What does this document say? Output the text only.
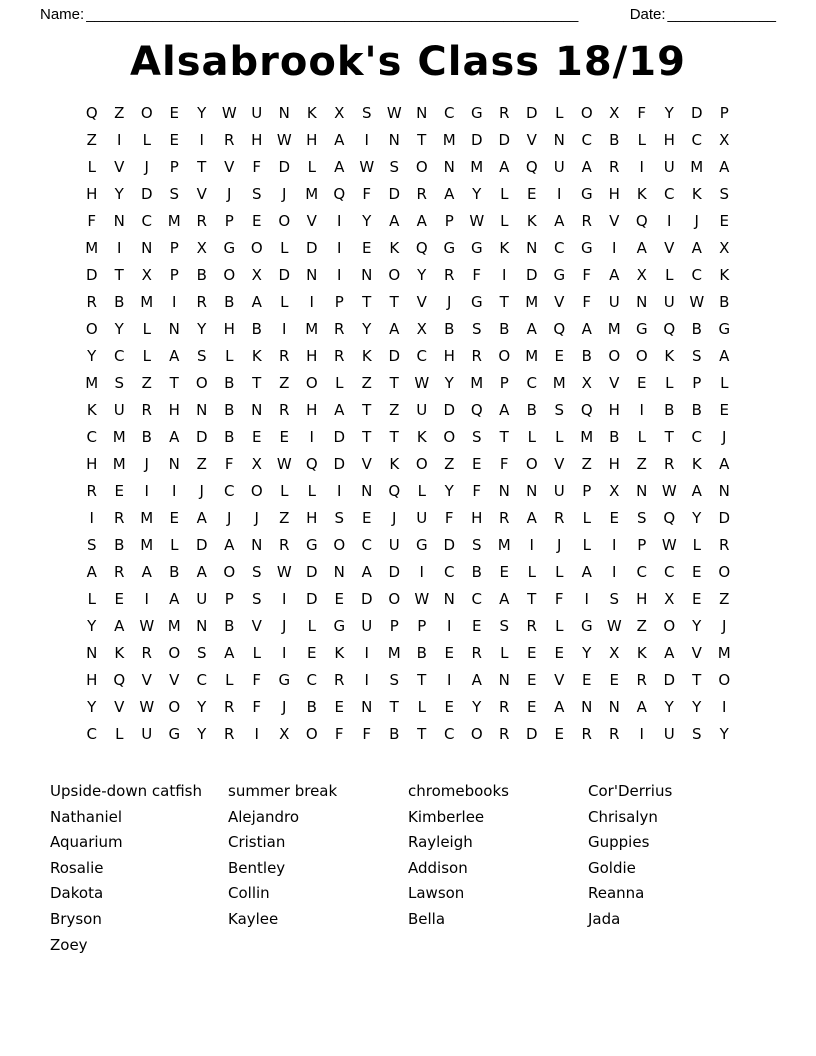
Name: ___________________________________________________________	Date: _____________
Alsabrook's Class 18/19
Q	Z	O	E	Y	W U	N	K	X	S	W N	C	G	R	D	L	O	X	F	Y	D	P
Z	I	L	E	I	R	H W H	A	I	N	T	M	D	D	V	N	C	B	L	H	C	X
L	V	J	P	T	V	F	D	L	A W	S	O	N	M	A	Q	U	A	R	I	U	M	A
H	Y	D	S	V	J	S	J	M	Q	F	D	R	A	Y	L	E	I	G	H	K	C	K	S
F	N	C	M	R	P	E	O	V	I	Y	A	A	P	W	L	K	A	R	V	Q	I	J	E
M	I	N	P	X	G	O	L	D	I	E	K	Q	G	G	K	N	C	G	I	A	V	A	X
D	T	X	P	B	O	X	D	N	I	N	O	Y	R	F	I	D	G	F	A	X	L	C	K
R	B	M	I	R	B	A	L	I	P	T	T	V	J	G	T	M	V	F	U	N	U W B
O	Y	L	N	Y	H	B	I	M	R	Y	A	X	B	S	B	A	Q	A	M	G	Q	B	G
Y	C	L	A	S	L	K	R	H	R	K	D	C	H	R	O	M	E	B	O	O	K	S	A
M	S	Z	T	O	B	T	Z	O	L	Z	T	W	Y	M	P	C	M	X	V	E	L	P	L
K	U	R	H	N	B	N	R	H	A	T	Z	U	D	Q	A	B	S	Q	H	I	B	B	E
C	M	B	A	D	B	E	E	I	D	T	T	K	O	S	T	L	L	M	B	L	T	C	J
H	M	J	N	Z	F	X W Q	D	V	K	O	Z	E	F	O	V	Z	H	Z	R	K	A
R	E	I	I	J	C	O	L	L	I	N	Q	L	Y	F	N	N	U	P	X	N W A	N
I	R	M	E	A	J	J	Z	H	S	E	J	U	F	H	R	A	R	L	E	S	Q	Y	D
S	B	M	L	D	A	N	R	G	O	C	U	G	D	S	M	I	J	L	I	P	W	L	R
A	R	A	B	A	O	S	W D	N	A	D	I	C	B	E	L	L	A	I	C	C	E	O
L	E	I	A	U	P	S	I	D	E	D	O W N	C	A	T	F	I	S	H	X	E	Z
Y	A W M	N	B	V	J	L	G	U	P	P	I	E	S	R	L	G W Z	O	Y	J
N	K	R	O	S	A	L	I	E	K	I	M	B	E	R	L	E	E	Y	X	K	A	V	M
H	Q	V	V	C	L	F	G	C	R	I	S	T	I	A	N	E	V	E	E	R	D	T	O
Y	V W O	Y	R	F	J	B	E	N	T	L	E	Y	R	E	A	N	N	A	Y	Y	I
C	L	U	G	Y	R	I	X	O	F	F	B	T	C	O	R	D	E	R	R	I	U	S	Y
Upside-down catfish
Nathaniel
Aquarium
Rosalie
Dakota
Bryson
Zoey
summer break
Alejandro
Cristian
Bentley
Collin
Kaylee
chromebooks
Kimberlee
Rayleigh
Addison
Lawson
Bella
Cor'Derrius
Chrisalyn
Guppies
Goldie
Reanna
Jada
